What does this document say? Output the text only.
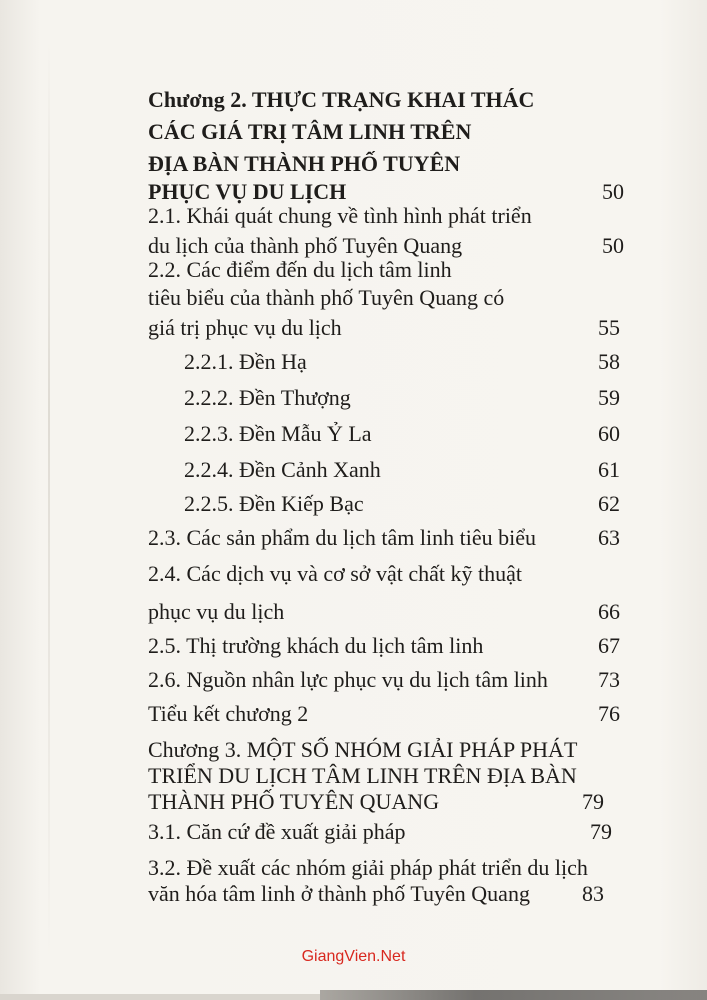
Chương 2. THỰC TRẠNG KHAI THÁC
CÁC GIÁ TRỊ TÂM LINH TRÊN
ĐỊA BÀN THÀNH PHỐ TUYÊN
PHỤC VỤ DU LỊCH	50
2.1. Khái quát chung về tình hình phát triển
du lịch của thành phố Tuyên Quang	50
2.2. Các điểm đến du lịch tâm linh
tiêu biểu của thành phố Tuyên Quang có
giá trị phục vụ du lịch	55
2.2.1. Đền Hạ	58
2.2.2. Đền Thượng	59
2.2.3. Đền Mẫu Ỷ La	60
2.2.4. Đền Cảnh Xanh	61
2.2.5. Đền Kiếp Bạc	62
2.3. Các sản phẩm du lịch tâm linh tiêu biểu	63
2.4. Các dịch vụ và cơ sở vật chất kỹ thuật
phục vụ du lịch	66
2.5. Thị trường khách du lịch tâm linh	67
2.6. Nguồn nhân lực phục vụ du lịch tâm linh	73
Tiểu kết chương 2	76
Chương 3. MỘT SỐ NHÓM GIẢI PHÁP PHÁT
TRIỂN DU LỊCH TÂM LINH TRÊN ĐỊA BÀN
THÀNH PHỐ TUYÊN QUANG	79
3.1. Căn cứ đề xuất giải pháp	79
3.2. Đề xuất các nhóm giải pháp phát triển du lịch
văn hóa tâm linh ở thành phố Tuyên Quang	83
GiangVien.Net
